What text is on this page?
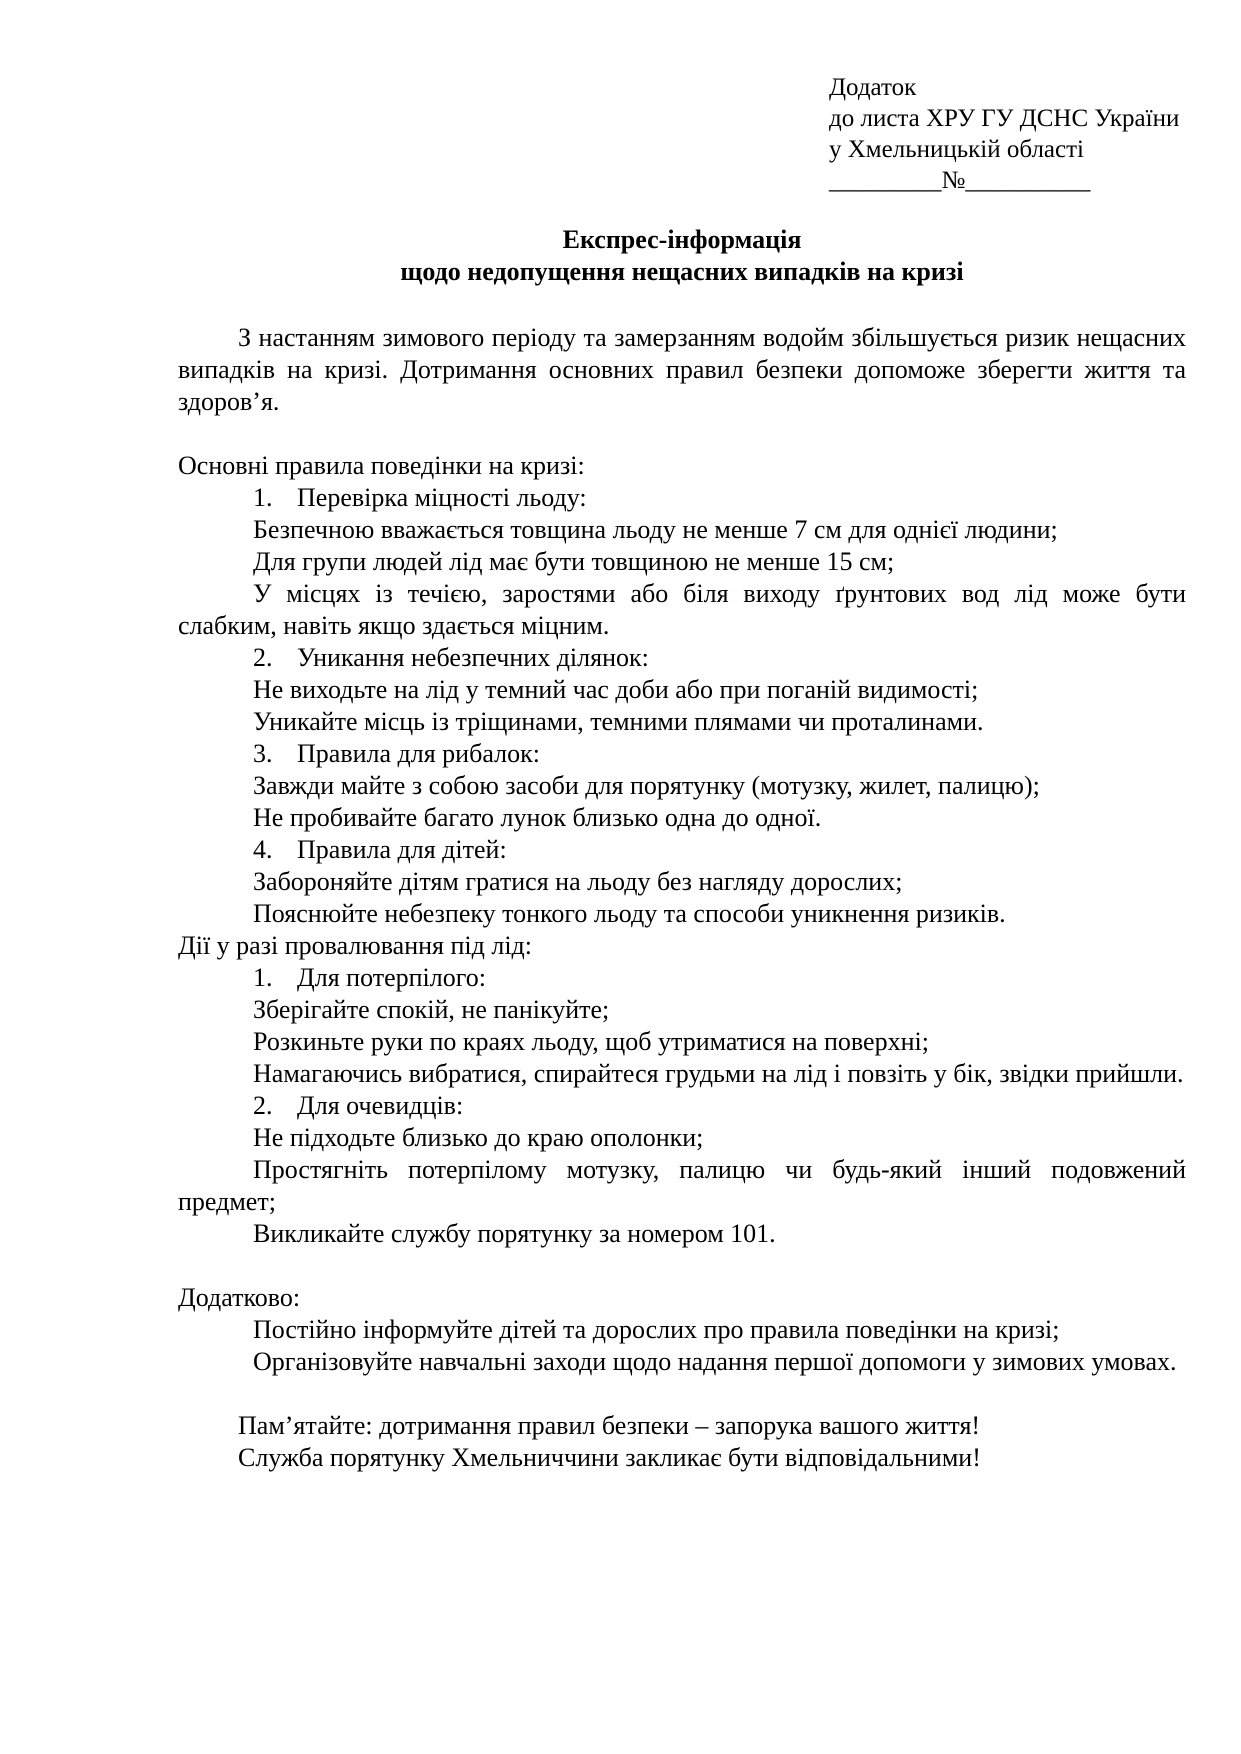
Додаток
до листа ХРУ ГУ ДСНС України
у Хмельницькій області
_________№__________
Експрес-інформація
щодо недопущення нещасних випадків на кризі

З настанням зимового періоду та замерзанням водойм збільшується ризик нещасних випадків на кризі. Дотримання основних правил безпеки допоможе зберегти життя та здоров’я.

Основні правила поведінки на кризі:
1. Перевірка міцності льоду:
Безпечною вважається товщина льоду не менше 7 см для однієї людини;
Для групи людей лід має бути товщиною не менше 15 см;
У місцях із течією, заростями або біля виходу ґрунтових вод лід може бути слабким, навіть якщо здається міцним.
2. Уникання небезпечних ділянок:
Не виходьте на лід у темний час доби або при поганій видимості;
Уникайте місць із тріщинами, темними плямами чи проталинами.
3. Правила для рибалок:
Завжди майте з собою засоби для порятунку (мотузку, жилет, палицю);
Не пробивайте багато лунок близько одна до одної.
4. Правила для дітей:
Забороняйте дітям гратися на льоду без нагляду дорослих;
Пояснюйте небезпеку тонкого льоду та способи уникнення ризиків.
Дії у разі провалювання під лід:
1. Для потерпілого:
Зберігайте спокій, не панікуйте;
Розкиньте руки по краях льоду, щоб утриматися на поверхні;
Намагаючись вибратися, спирайтеся грудьми на лід і повзіть у бік, звідки прийшли.
2. Для очевидців:
Не підходьте близько до краю ополонки;
Простягніть потерпілому мотузку, палицю чи будь-який інший подовжений предмет;
Викликайте службу порятунку за номером 101.
Додатково:
Постійно інформуйте дітей та дорослих про правила поведінки на кризі;
Організовуйте навчальні заходи щодо надання першої допомоги у зимових умовах.
Пам’ятайте: дотримання правил безпеки – запорука вашого життя!
Служба порятунку Хмельниччини закликає бути відповідальними!
